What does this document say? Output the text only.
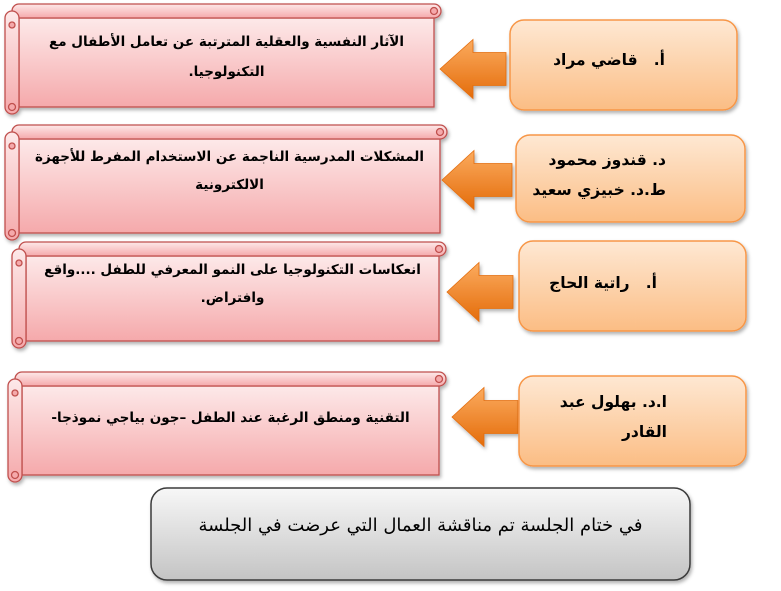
الآثار النفسية والعقلية المترتبة عن تعامل الأطفال مع
التكنولوجيا.
المشكلات المدرسية الناجمة عن الاستخدام المفرط للأجهزة
الالكترونية
انعكاسات التكنولوجيا على النمو المعرفي للطفل ....واقع
وافتراض.
التقنية ومنطق الرغبة عند الطفل –جون بياجي نموذجا-
أ.   قاضي مراد
د. قندوز محمود
ط.د. خبيزي سعيد
أ.   راتية الحاج
ا.د. بهلول عبد
القادر
في ختام الجلسة تم مناقشة العمال التي عرضت في الجلسة
